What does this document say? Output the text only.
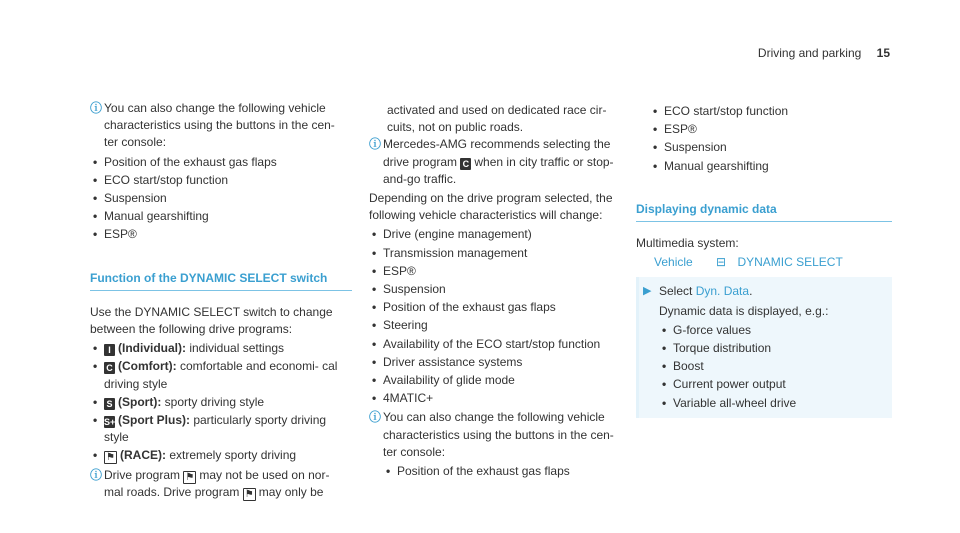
Driving and parking 15
ⓘ You can also change the following vehicle characteristics using the buttons in the cen- ter console:
• Position of the exhaust gas flaps
• ECO start/stop function
• Suspension
• Manual gearshifting
• ESP®
Function of the DYNAMIC SELECT switch
Use the DYNAMIC SELECT switch to change between the following drive programs:
• I (Individual): individual settings
• C (Comfort): comfortable and economi- cal driving style
• S (Sport): sporty driving style
• S+ (Sport Plus): particularly sporty driving style
• ⚑ (RACE): extremely sporty driving
ⓘ Drive program ⚑ may not be used on nor- mal roads. Drive program ⚑ may only be
activated and used on dedicated race cir- cuits, not on public roads.
ⓘ Mercedes-AMG recommends selecting the drive program C when in city traffic or stop-and-go traffic.
Depending on the drive program selected, the following vehicle characteristics will change:
• Drive (engine management)
• Transmission management
• ESP®
• Suspension
• Position of the exhaust gas flaps
• Steering
• Availability of the ECO start/stop function
• Driver assistance systems
• Availability of glide mode
• 4MATIC+
ⓘ You can also change the following vehicle characteristics using the buttons in the cen- ter console:
• Position of the exhaust gas flaps
• ECO start/stop function
• ESP®
• Suspension
• Manual gearshifting
Displaying dynamic data
Multimedia system:
Vehicle ⊟ DYNAMIC SELECT
▶ Select Dyn. Data.
Dynamic data is displayed, e.g.:
• G-force values
• Torque distribution
• Boost
• Current power output
• Variable all-wheel drive
